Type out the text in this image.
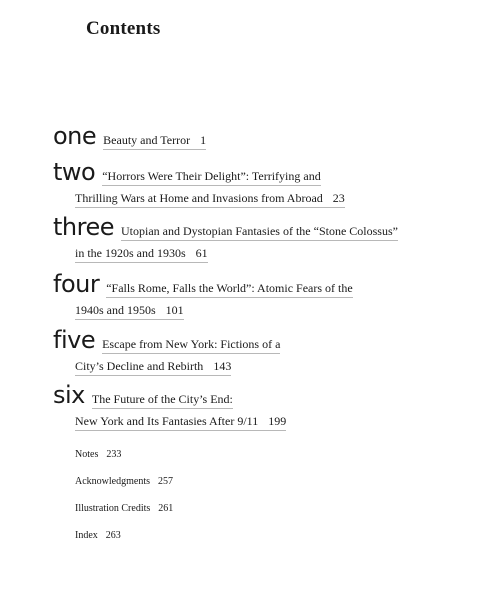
Contents
one Beauty and Terror 1
two “Horrors Were Their Delight”: Terrifying and
Thrilling Wars at Home and Invasions from Abroad 23
three Utopian and Dystopian Fantasies of the “Stone Colossus”
in the 1920s and 1930s 61
four “Falls Rome, Falls the World”: Atomic Fears of the
1940s and 1950s 101
five Escape from New York: Fictions of a
City’s Decline and Rebirth 143
six The Future of the City’s End:
New York and Its Fantasies After 9/11 199
Notes 233
Acknowledgments 257
Illustration Credits 261
Index 263
